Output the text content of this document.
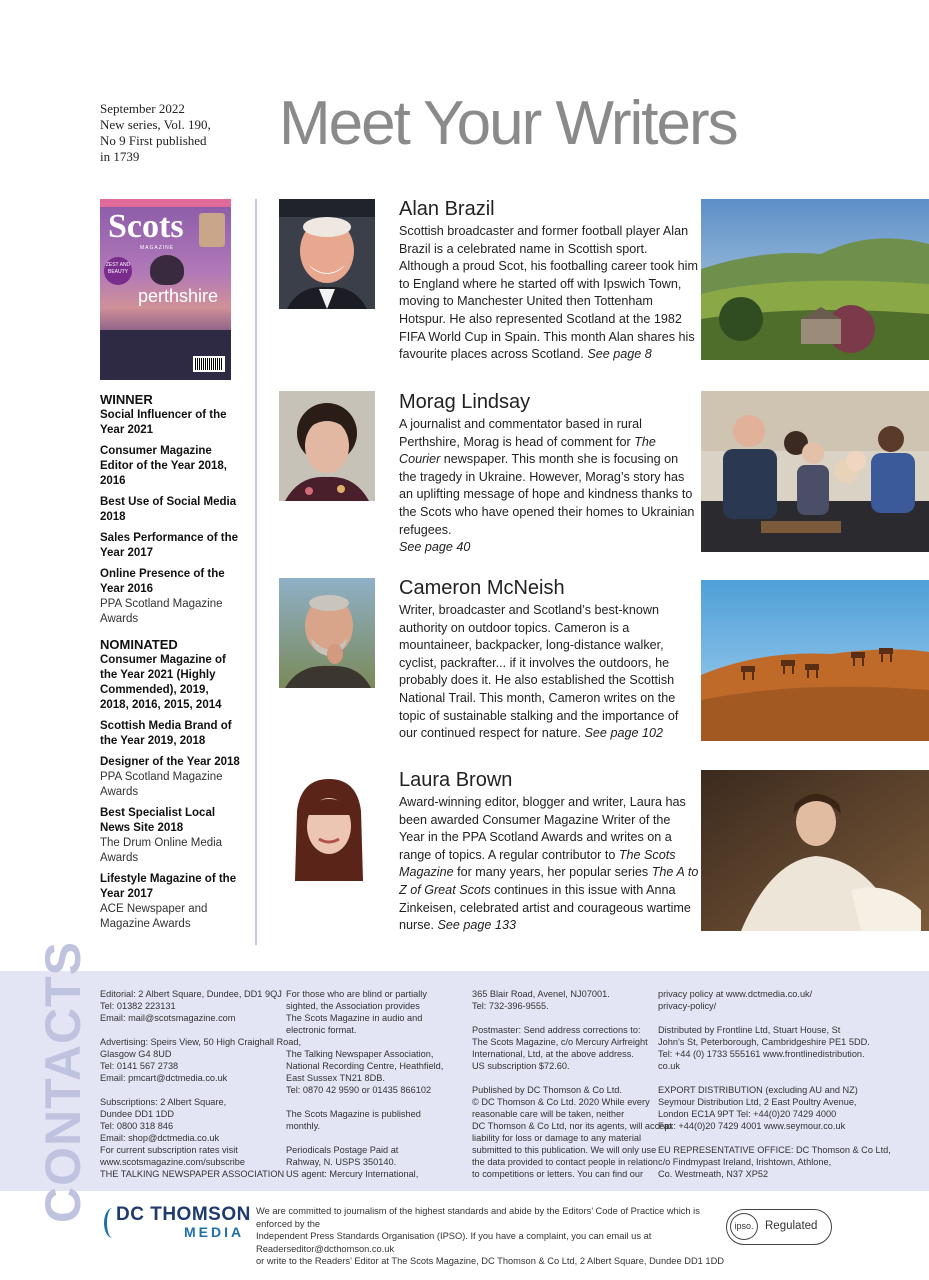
September 2022
New series, Vol. 190,
No 9 First published
in 1739	Meet Your Writers
Scots
MAGAZINE
ZEST AND BEAUTY
perthshire
WINNER
Social Influencer of the Year 2021
Consumer Magazine Editor of the Year 2018, 2016
Best Use of Social Media 2018
Sales Performance of the Year 2017
Online Presence of the Year 2016
PPA Scotland Magazine Awards
NOMINATED
Consumer Magazine of the Year 2021 (Highly Commended), 2019, 2018, 2016, 2015, 2014
Scottish Media Brand of the Year 2019, 2018
Designer of the Year 2018
PPA Scotland Magazine Awards
Best Specialist Local News Site 2018
The Drum Online Media Awards
Lifestyle Magazine of the Year 2017
ACE Newspaper and Magazine Awards
Alan Brazil

Scottish broadcaster and former football player Alan Brazil is a celebrated name in Scottish sport. Although a proud Scot, his footballing career took him to England where he started off with Ipswich Town, moving to Manchester United then Tottenham Hotspur. He also represented Scotland at the 1982 FIFA World Cup in Spain. This month Alan shares his favourite places across Scotland. See page 8

Morag Lindsay

A journalist and commentator based in rural Perthshire, Morag is head of comment for The Courier newspaper. This month she is focusing on the tragedy in Ukraine. However, Morag’s story has an uplifting message of hope and kindness thanks to the Scots who have opened their homes to Ukrainian refugees.
See page 40

Cameron McNeish

Writer, broadcaster and Scotland’s best-known authority on outdoor topics. Cameron is a mountaineer, backpacker, long-distance walker, cyclist, packrafter... if it involves the outdoors, he probably does it. He also established the Scottish National Trail. This month, Cameron writes on the topic of sustainable stalking and the importance of our continued respect for nature. See page 102

Laura Brown

Award-winning editor, blogger and writer, Laura has been awarded Consumer Magazine Writer of the Year in the PPA Scotland Awards and writes on a range of topics. A regular contributor to The Scots Magazine for many years, her popular series The A to Z of Great Scots continues in this issue with Anna Zinkeisen, celebrated artist and courageous wartime nurse. See page 133

CONTACTS Editorial: 2 Albert Square, Dundee, DD1 9QJ
Tel: 01382 223131
Email: mail@scotsmagazine.com

Advertising: Speirs View, 50 High Craighall Road,
Glasgow G4 8UD
Tel: 0141 567 2738
Email: pmcart@dctmedia.co.uk

Subscriptions: 2 Albert Square,
Dundee DD1 1DD
Tel: 0800 318 846
Email: shop@dctmedia.co.uk
For current subscription rates visit
www.scotsmagazine.com/subscribe
THE TALKING NEWSPAPER ASSOCIATION

For those who are blind or partially
sighted, the Association provides
The Scots Magazine in audio and
electronic format.

The Talking Newspaper Association,
National Recording Centre, Heathfield,
East Sussex TN21 8DB.
Tel: 0870 42 9590 or 01435 866102

The Scots Magazine is published
monthly.

Periodicals Postage Paid at
Rahway, N. USPS 350140.
US agent: Mercury International,

365 Blair Road, Avenel, NJ07001.
Tel: 732-396-9555.

Postmaster: Send address corrections to:
The Scots Magazine, c/o Mercury Airfreight
International, Ltd, at the above address.
US subscription $72.60.

Published by DC Thomson & Co Ltd.
© DC Thomson & Co Ltd. 2020 While every
reasonable care will be taken, neither
DC Thomson & Co Ltd, nor its agents, will accept
liability for loss or damage to any material
submitted to this publication. We will only use
the data provided to contact people in relation
to competitions or letters. You can find our

privacy policy at www.dctmedia.co.uk/
privacy-policy/

Distributed by Frontline Ltd, Stuart House, St
John’s St, Peterborough, Cambridgeshire PE1 5DD.
Tel: +44 (0) 1733 555161 www.frontlinedistribution.
co.uk

EXPORT DISTRIBUTION (excluding AU and NZ)
Seymour Distribution Ltd, 2 East Poultry Avenue,
London EC1A 9PT Tel: +44(0)20 7429 4000
Fax: +44(0)20 7429 4001 www.seymour.co.uk

EU REPRESENTATIVE OFFICE: DC Thomson & Co Ltd,
c/o Findmypast Ireland, Irishtown, Athlone,
Co. Westmeath, N37 XP52

DC THOMSON
MEDIA
We are committed to journalism of the highest standards and abide by the Editors’ Code of Practice which is enforced by the
Independent Press Standards Organisation (IPSO). If you have a complaint, you can email us at Readerseditor@dcthomson.co.uk
or write to the Readers’ Editor at The Scots Magazine, DC Thomson & Co Ltd, 2 Albert Square, Dundee DD1 1DD
ipso.	Regulated
